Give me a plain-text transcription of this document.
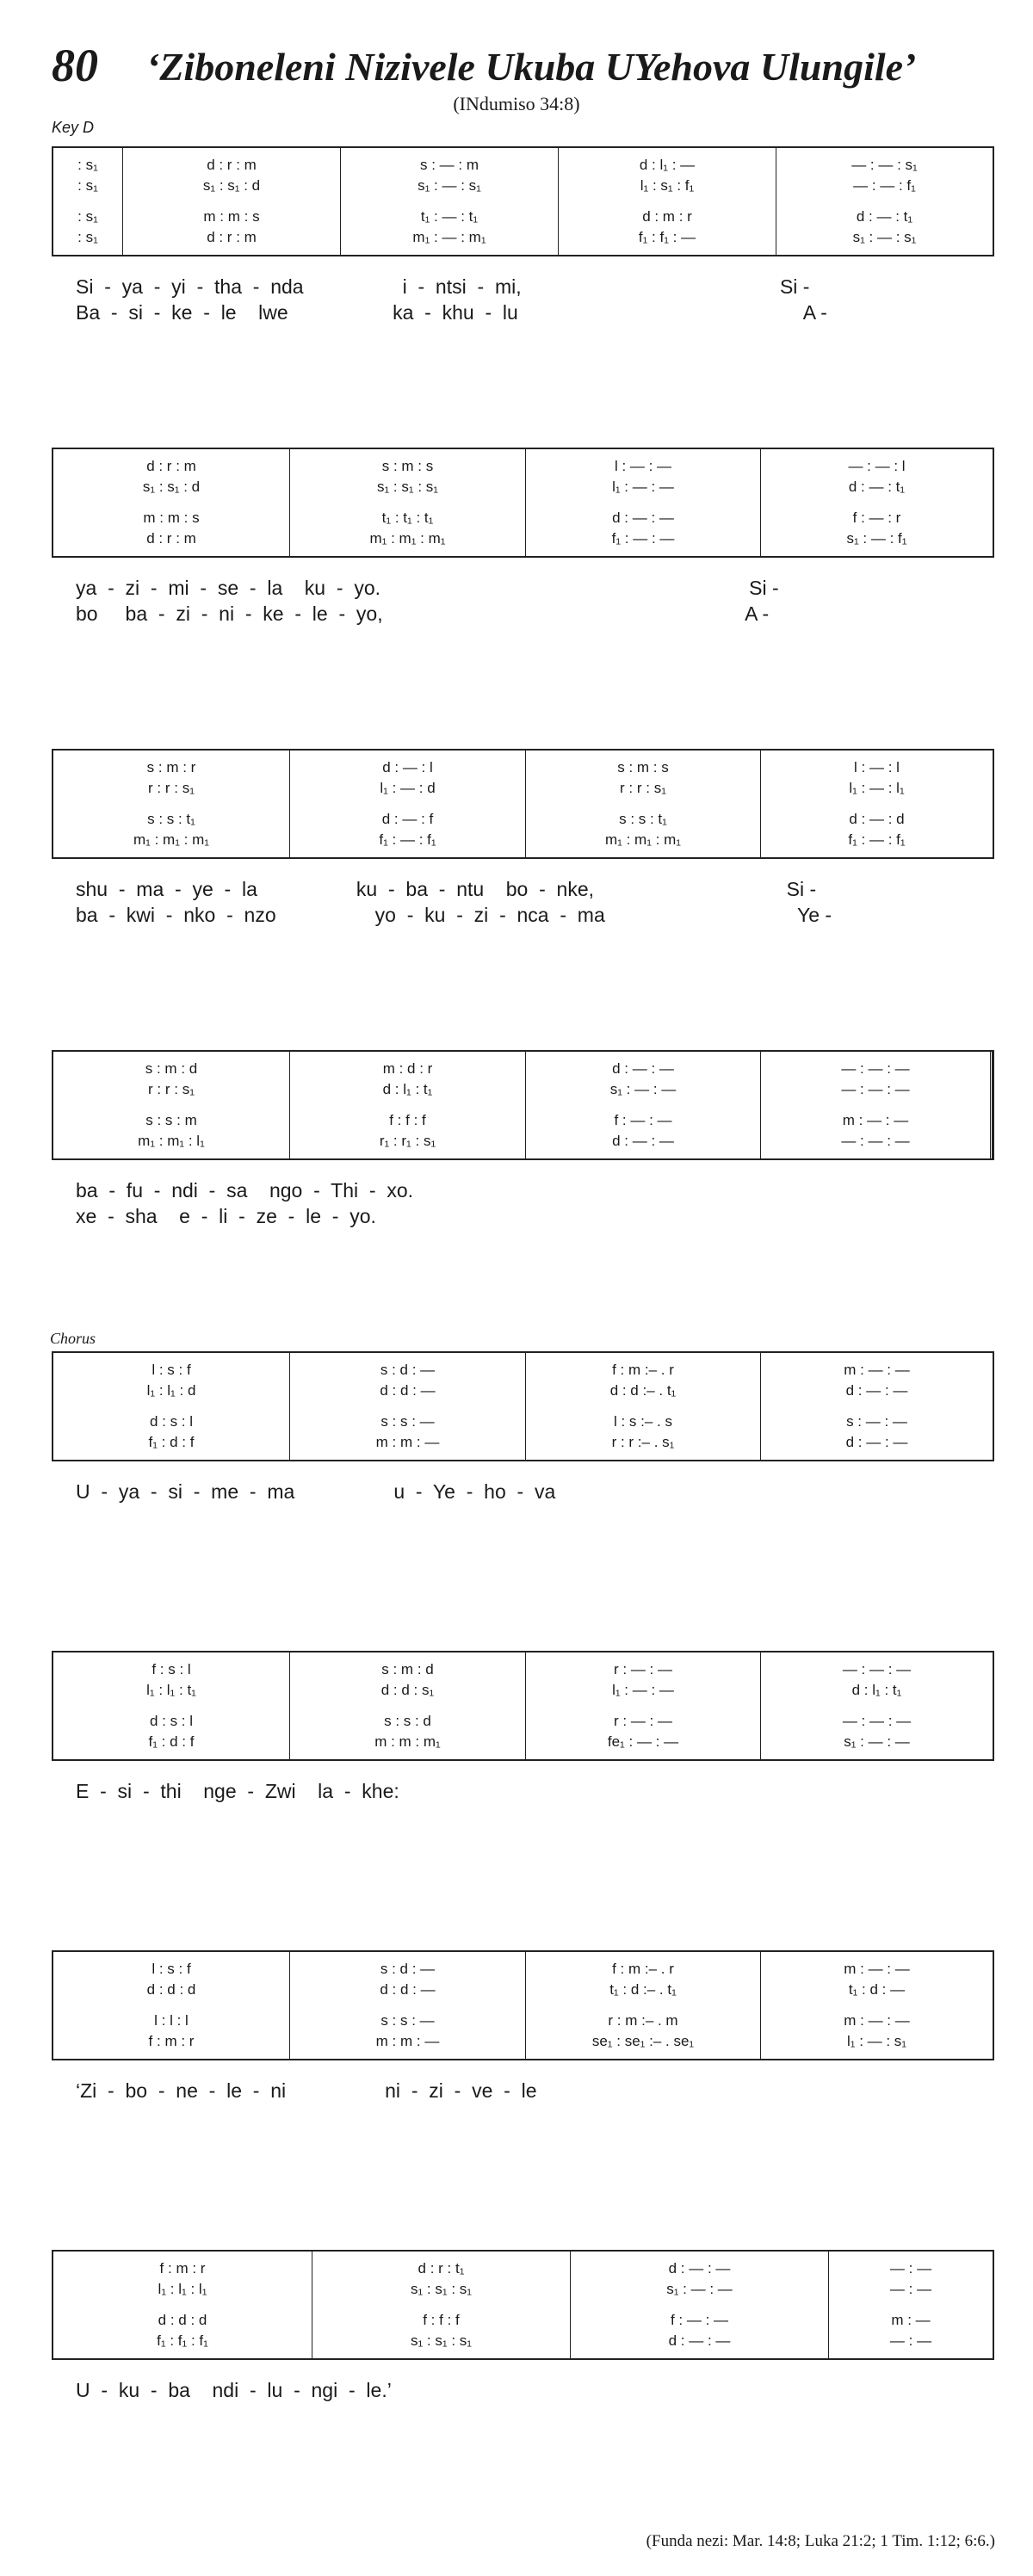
80 ‘Ziboneleni Nizivele Ukuba UYehova Ulungile’
(INdumiso 34:8)
Key D
: s₁
: s₁
: s₁
: s₁
d : r : m
s₁ : s₁ : d
m : m : s
d : r : m
s : — : m
s₁ : — : s₁
t₁ : — : t₁
m₁ : — : m₁
d : l₁ : —
l₁ : s₁ : f₁
d : m : r
f₁ : f₁ : —
— : — : s₁
— : — : f₁
d : — : t₁
s₁ : — : s₁
Si  -  ya  -  yi  -  tha  -  nda                  i  -  ntsi  -  mi,                                               Si -
Ba  -  si  -  ke  -  le    lwe                   ka  -  khu  -  lu                                                    A -
d : r : m
s₁ : s₁ : d
m : m : s
d : r : m
s : m : s
s₁ : s₁ : s₁
t₁ : t₁ : t₁
m₁ : m₁ : m₁
l : — : —
l₁ : — : —
d : — : —
f₁ : — : —
— : — : l
d : — : t₁
f : — : r
s₁ : — : f₁
ya  -  zi  -  mi  -  se  -  la    ku  -  yo.                                                                   Si -
bo     ba  -  zi  -  ni  -  ke  -  le  -  yo,                                                                  A -
s : m : r
r : r : s₁
s : s : t₁
m₁ : m₁ : m₁
d : — : l
l₁ : — : d
d : — : f
f₁ : — : f₁
s : m : s
r : r : s₁
s : s : t₁
m₁ : m₁ : m₁
l : — : l
l₁ : — : l₁
d : — : d
f₁ : — : f₁
shu  -  ma  -  ye  -  la                  ku  -  ba  -  ntu    bo  -  nke,                                   Si -
ba  -  kwi  -  nko  -  nzo                  yo  -  ku  -  zi  -  nca  -  ma                                   Ye -
s : m : d
r : r : s₁
s : s : m
m₁ : m₁ : l₁
m : d : r
d : l₁ : t₁
f : f : f
r₁ : r₁ : s₁
d : — : —
s₁ : — : —
f : — : —
d : — : —
— : — : —
— : — : —
m : — : —
— : — : —
ba  -  fu  -  ndi  -  sa    ngo  -  Thi  -  xo.
xe  -  sha    e  -  li  -  ze  -  le  -  yo.
Chorus
l : s : f
l₁ : l₁ : d
d : s : l
f₁ : d : f
s : d : —
d : d : —
s : s : —
m : m : —
f : m :– . r
d : d :– . t₁
l : s :– . s
r : r :– . s₁
m : — : —
d : — : —
s : — : —
d : — : —
U  -  ya  -  si  -  me  -  ma                  u  -  Ye  -  ho  -  va
f : s : l
l₁ : l₁ : t₁
d : s : l
f₁ : d : f
s : m : d
d : d : s₁
s : s : d
m : m : m₁
r : — : —
l₁ : — : —
r : — : —
fe₁ : — : —
— : — : —
d : l₁ : t₁
— : — : —
s₁ : — : —
E  -  si  -  thi    nge  -  Zwi    la  -  khe:
l : s : f
d : d : d
l : l : l
f : m : r
s : d : —
d : d : —
s : s : —
m : m : —
f : m :– . r
t₁ : d :– . t₁
r : m :– . m
se₁ : se₁ :– . se₁
m : — : —
t₁ : d : —
m : — : —
l₁ : — : s₁
‘Zi  -  bo  -  ne  -  le  -  ni                  ni  -  zi  -  ve  -  le
f : m : r
l₁ : l₁ : l₁
d : d : d
f₁ : f₁ : f₁
d : r : t₁
s₁ : s₁ : s₁
f : f : f
s₁ : s₁ : s₁
d : — : —
s₁ : — : —
f : — : —
d : — : —
— : —
— : —
m : —
— : —
U  -  ku  -  ba    ndi  -  lu  -  ngi  -  le.’
(Funda nezi: Mar. 14:8; Luka 21:2; 1 Tim. 1:12; 6:6.)
